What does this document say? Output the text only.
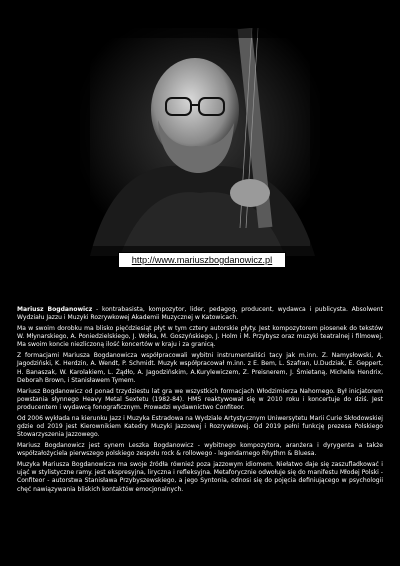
http://www.mariuszbogdanowicz.pl

Mariusz Bogdanowicz - kontrabasista, kompozytor, lider, pedagog, producent, wydawca i publicysta. Absolwent Wydziału Jazzu i Muzyki Rozrywkowej Akademii Muzycznej w Katowicach.

Ma w swoim dorobku ma blisko pięćdziesiąt płyt w tym cztery autorskie płyty. Jest kompozytorem piosenek do tekstów W. Młynarskiego, A. Poniedzielskiego, J. Wołka, M. Goszyńskiego, J. Holm i M. Przybysz oraz muzyki teatralnej i filmowej. Ma swoim koncie niezliczoną ilość koncertów w kraju i za granicą.

Z formacjami Mariusza Bogdanowicza współpracowali wybitni instrumentaliści tacy jak m.inn. Z. Namysłowski, A. Jagodziński, K. Herdzin, A. Wendt, P. Schmidt. Muzyk współpracował m.inn. z E. Bem, L. Szafran, U.Dudziak, E. Geppert, H. Banaszak, W. Karolakiem, L. Żądło, A. Jagodzińskim, A.Kurylewiczem, Z. Preisnerem, J. Śmietaną, Michelle Hendrix, Deborah Brown, i Stanisławem Tymem.

Mariusz Bogdanowicz od ponad trzydziestu lat gra we wszystkich formacjach Włodzimierza Nahornego. Był inicjatorem powstania słynnego Heavy Metal Sextetu (1982-84). HMS reaktywował się w 2010 roku i koncertuje do dziś. Jest producentem i wydawcą fonograficznym. Prowadzi wydawnictwo Confiteor.

Od 2006 wykłada na kierunku Jazz i Muzyka Estradowa na Wydziale Artystycznym Uniwersytetu Marii Curie Skłodowskiej gdzie od 2019 jest Kierownikiem Katedry Muzyki Jazzowej i Rozrywkowej. Od 2019 pełni funkcję prezesa Polskiego Stowarzyszenia Jazzowego.

Mariusz Bogdanowicz jest synem Leszka Bogdanowicz - wybitnego kompozytora, aranżera i dyrygenta a także współzałożyciela pierwszego polskiego zespołu rock & rollowego - legendarnego Rhythm & Bluesa.

Muzyka Mariusza Bogdanowicza ma swoje źródła również poza jazzowym idiomem. Niełatwo daje się zaszufladkować i ująć w stylistyczne ramy. jest ekspresyjna, liryczna i refleksyjna. Metaforycznie odwołuje się do manifestu Młodej Polski - Confiteor - autorstwa Stanisława Przybyszewskiego, a jego Syntonia, odnosi się do pojęcia definiującego w psychologii chęć nawiązywania bliskich kontaktów emocjonalnych.
